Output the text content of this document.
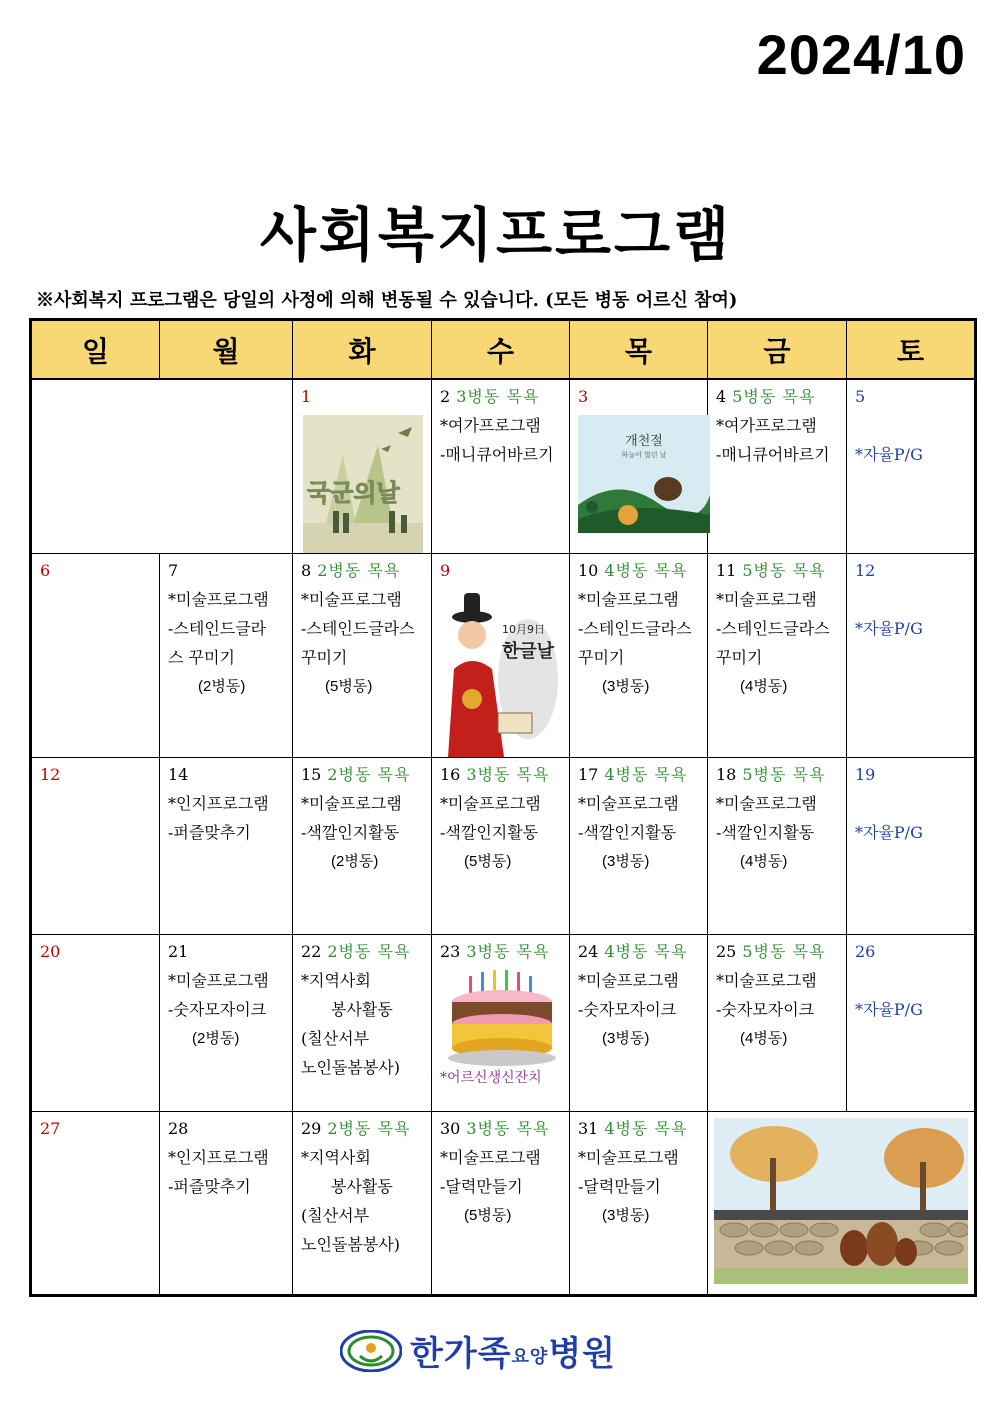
2024/10
사회복지프로그램
※사회복지 프로그램은 당일의 사정에 의해 변동될 수 있습니다. (모든 병동 어르신 참여)
일	월	화	수	목	금	토
		1
국군의날	2 3병동 목욕
*여가프로그램
-매니큐어바르기	3
개천절
하늘이 열린 날	4 5병동 목욕
*여가프로그램
-매니큐어바르기	5
*자율P/G

6	7
*미술프로그램
-스테인드글라
스 꾸미기
(2병동)	8 2병동 목욕
*미술프로그램
-스테인드글라스
꾸미기
(5병동)	9
10月9日
한글날	10 4병동 목욕
*미술프로그램
-스테인드글라스
꾸미기
(3병동)	11 5병동 목욕
*미술프로그램
-스테인드글라스
꾸미기
(4병동)	12
*자율P/G

12	14
*인지프로그램
-퍼즐맞추기	15 2병동 목욕
*미술프로그램
-색깔인지활동
(2병동)	16 3병동 목욕
*미술프로그램
-색깔인지활동
(5병동)	17 4병동 목욕
*미술프로그램
-색깔인지활동
(3병동)	18 5병동 목욕
*미술프로그램
-색깔인지활동
(4병동)	19
*자율P/G

20	21
*미술프로그램
-숫자모자이크
(2병동)	22 2병동 목욕
*지역사회
봉사활동
(칠산서부
노인돌봄봉사)	23 3병동 목욕
*어르신생신잔치	24 4병동 목욕
*미술프로그램
-숫자모자이크
(3병동)	25 5병동 목욕
*미술프로그램
-숫자모자이크
(4병동)	26
*자율P/G

27	28
*인지프로그램
-퍼즐맞추기	29 2병동 목욕
*지역사회
봉사활동
(칠산서부
노인돌봄봉사)	30 3병동 목욕
*미술프로그램
-달력만들기
(5병동)	31 4병동 목욕
*미술프로그램
-달력만들기
(3병동)

한가족요양병원
